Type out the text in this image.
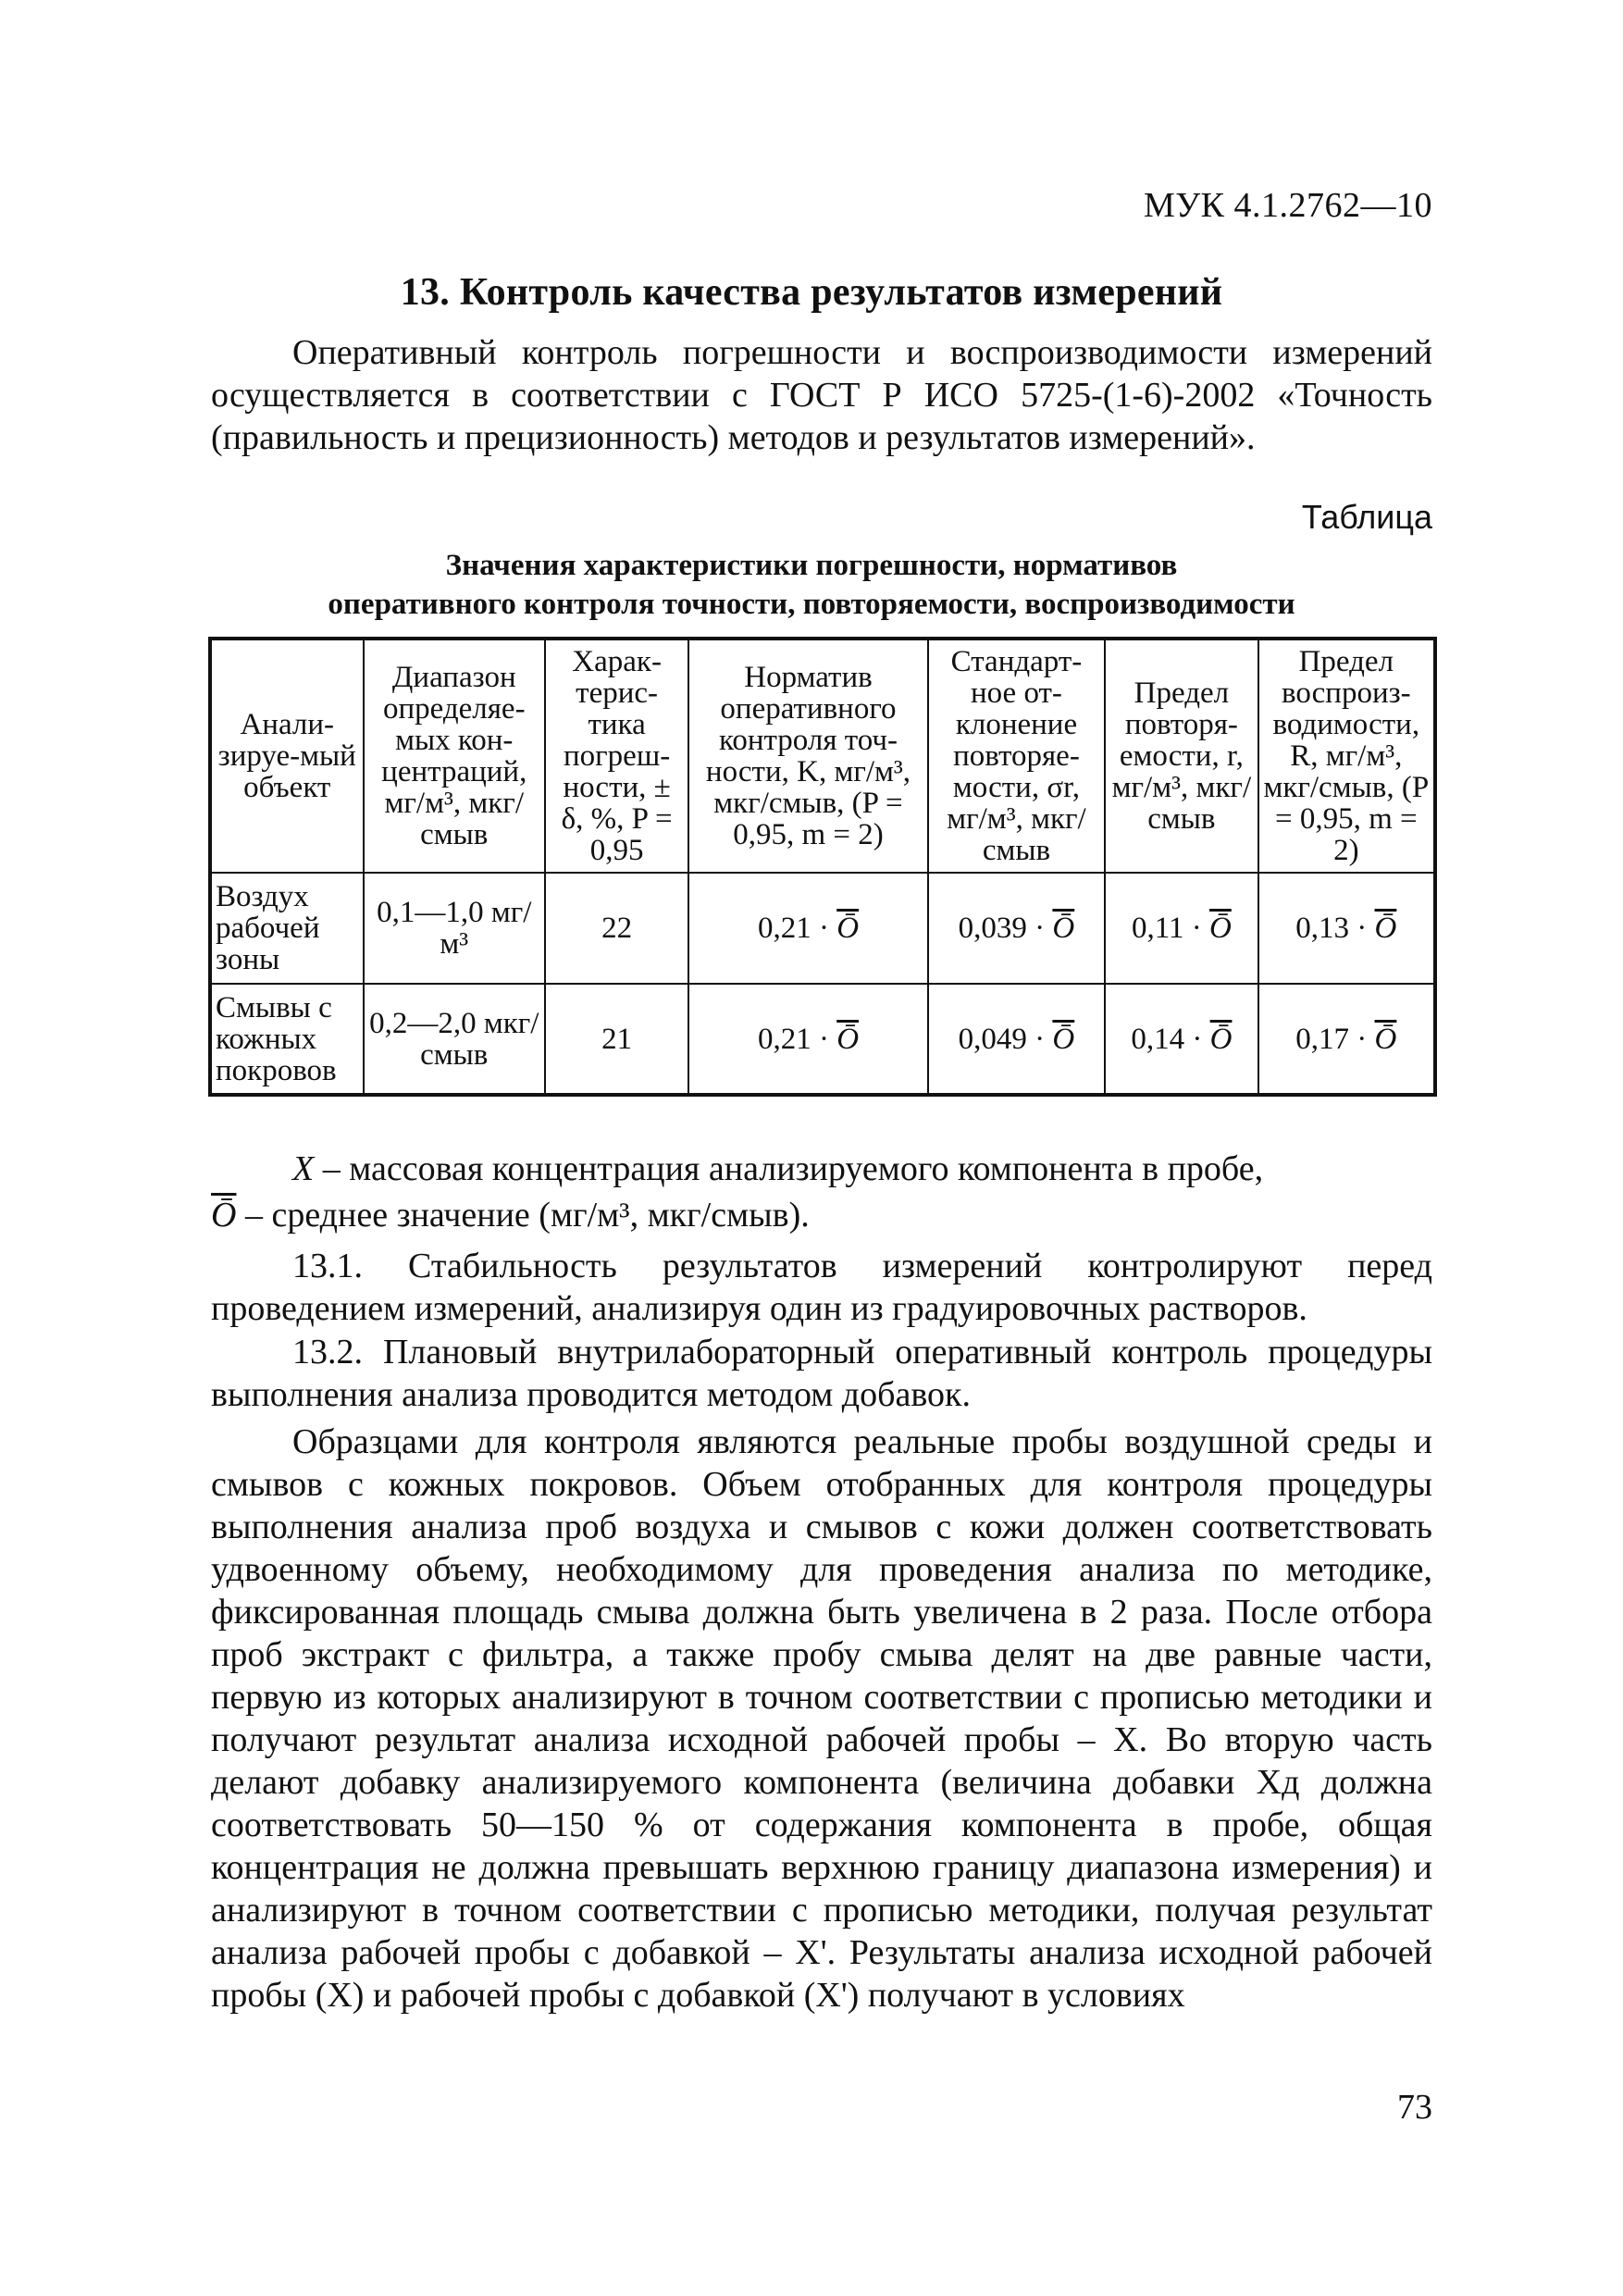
МУК 4.1.2762—10
13. Контроль качества результатов измерений
Оперативный контроль погрешности и воспроизводимости измерений осуществляется в соответствии с ГОСТ Р ИСО 5725-(1-6)-2002 «Точность (правильность и прецизионность) методов и результатов измерений».
Таблица
Значения характеристики погрешности, нормативов
оперативного контроля точности, повторяемости, воспроизводимости
Анали-зируе-мый объект	Диапазон определяе-мых кон-центраций, мг/м³, мкг/смыв	Харак-терис-тика погреш-ности, ± δ, %, P = 0,95	Норматив оперативного контроля точ-ности, K, мг/м³, мкг/смыв, (P = 0,95, m = 2)	Стандарт-ное от-клонение повторяе-мости, σr, мг/м³, мкг/смыв	Предел повторя-емости, r, мг/м³, мкг/смыв	Предел воспроиз-водимости, R, мг/м³, мкг/смыв, (P = 0,95, m = 2)
Воздух рабочей зоны	0,1—1,0 мг/м³	22	$0,21 \cdot \overline{Ō}$	$0,039 \cdot \overline{Ō}$	$0,11 \cdot \overline{Ō}$	$0,13 \cdot \overline{Ō}$
Смывы с кожных покровов	0,2—2,0 мкг/смыв	21	$0,21 \cdot \overline{Ō}$	$0,049 \cdot \overline{Ō}$	$0,14 \cdot \overline{Ō}$	$0,17 \cdot \overline{Ō}$
X – массовая концентрация анализируемого компонента в пробе,
$\overline{Ō}$ – среднее значение (мг/м³, мкг/смыв).
13.1. Стабильность результатов измерений контролируют перед проведением измерений, анализируя один из градуировочных растворов.
13.2. Плановый внутрилабораторный оперативный контроль процедуры выполнения анализа проводится методом добавок.
Образцами для контроля являются реальные пробы воздушной среды и смывов с кожных покровов. Объем отобранных для контроля процедуры выполнения анализа проб воздуха и смывов с кожи должен соответствовать удвоенному объему, необходимому для проведения анализа по методике, фиксированная площадь смыва должна быть увеличена в 2 раза. После отбора проб экстракт с фильтра, а также пробу смыва делят на две равные части, первую из которых анализируют в точном соответствии с прописью методики и получают результат анализа исходной рабочей пробы – X. Во вторую часть делают добавку анализируемого компонента (величина добавки Xд должна соответствовать 50—150 % от содержания компонента в пробе, общая концентрация не должна превышать верхнюю границу диапазона измерения) и анализируют в точном соответствии с прописью методики, получая результат анализа рабочей пробы с добавкой – X'. Результаты анализа исходной рабочей пробы (X) и рабочей пробы с добавкой (X') получают в условиях
73
